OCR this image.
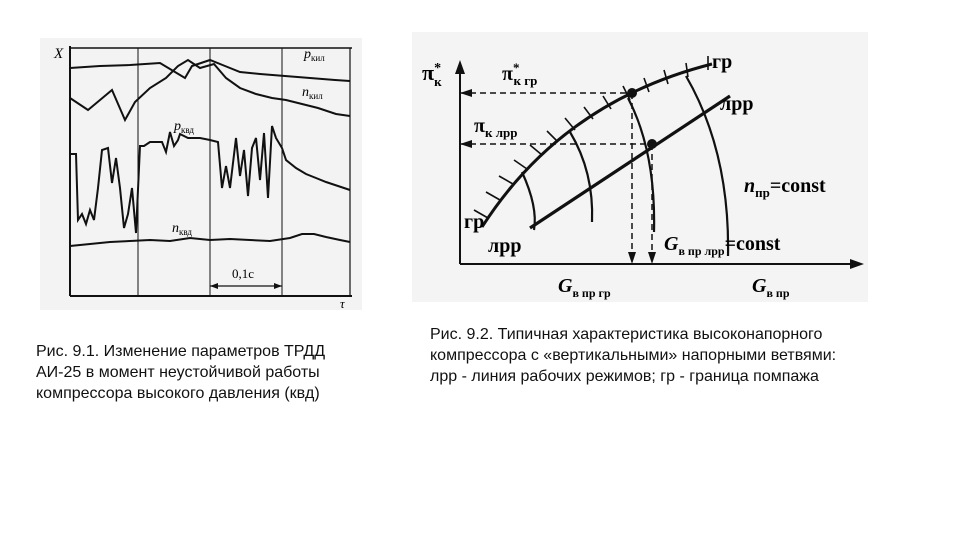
X
τ
0,1с
$p_{кил}$
$n_{кил}$
$p_{квд}$
$n_{квд}$
π* к	π* к гр
$\pi_{к лрр}$
гр
лрр
$n_{пр}=const$
гр
лрр	$G_{в пр лрр}=const$
$G_{в пр гр}$	$G_{в пр}$
Рис. 9.1. Изменение параметров ТРДД
АИ-25 в момент неустойчивой работы
компрессора высокого давления (квд)
Рис. 9.2. Типичная характеристика высоконапорного
компрессора с «вертикальными» напорными ветвями:
лрр - линия рабочих режимов; гр - граница помпажа
